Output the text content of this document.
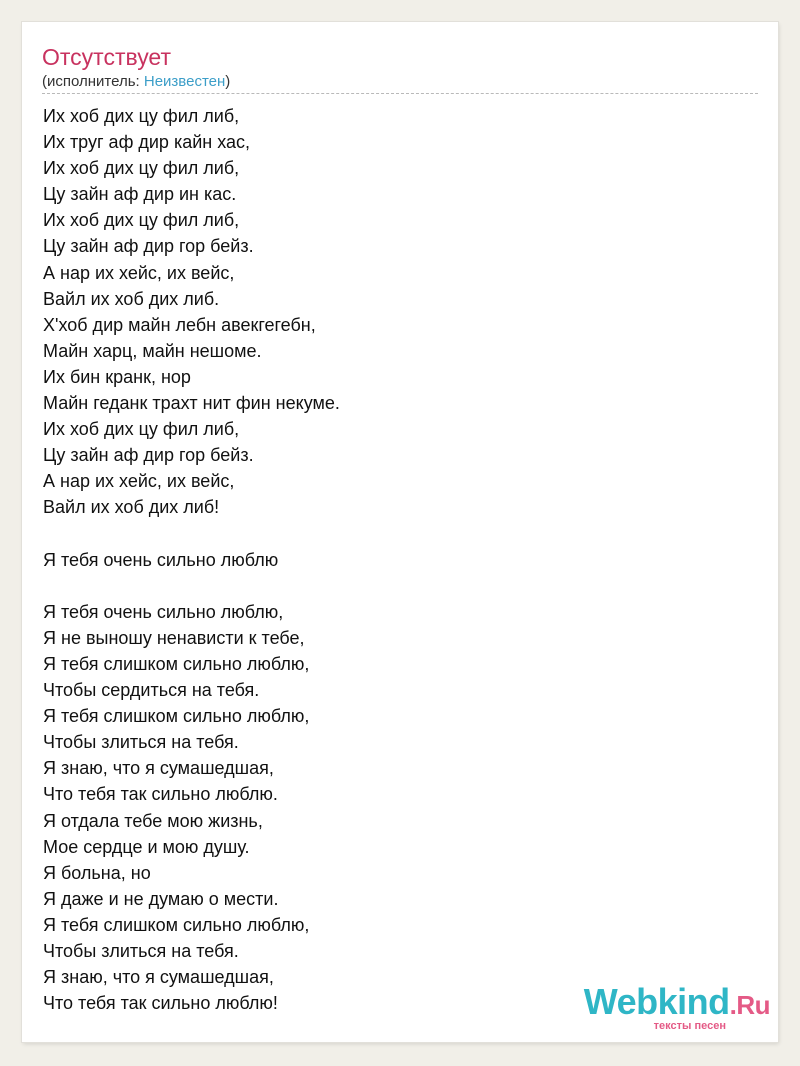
Отсутствует
(исполнитель: Неизвестен)
Их хоб дих цу фил либ,
Их труг аф дир кайн хас,
Их хоб дих цу фил либ,
Цу зайн аф дир ин кас.
Их хоб дих цу фил либ,
Цу зайн аф дир гор бейз.
А нар их хейс, их вейс,
Вайл их хоб дих либ.
Х'хоб дир майн лебн авекгегебн,
Майн харц, майн нешоме.
Их бин кранк, нор
Майн геданк трахт нит фин некуме.
Их хоб дих цу фил либ,
Цу зайн аф дир гор бейз.
А нар их хейс, их вейс,
Вайл их хоб дих либ!
Я тебя очень сильно люблю
Я тебя очень сильно люблю,
Я не выношу ненависти к тебе,
Я тебя слишком сильно люблю,
Чтобы сердиться на тебя.
Я тебя слишком сильно люблю,
Чтобы злиться на тебя.
Я знаю, что я сумашедшая,
Что тебя так сильно люблю.
Я отдала тебе мою жизнь,
Мое сердце и мою душу.
Я больна, но
Я даже и не думаю о мести.
Я тебя слишком сильно люблю,
Чтобы злиться на тебя.
Я знаю, что я сумашедшая,
Что тебя так сильно люблю!	Webkind.Ru
тексты песен
